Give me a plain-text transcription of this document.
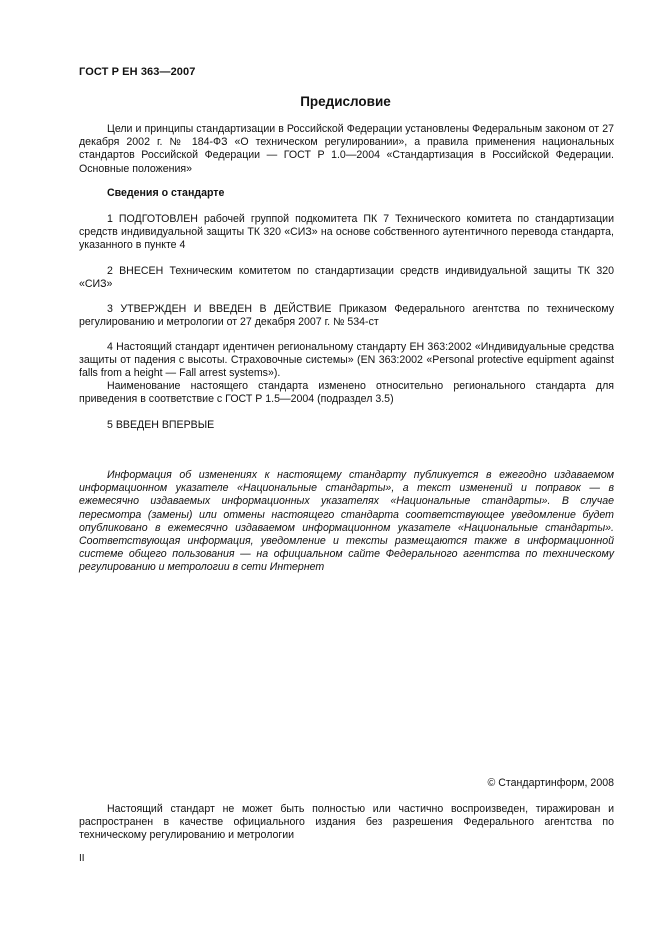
ГОСТ Р ЕН 363—2007
Предисловие

Цели и принципы стандартизации в Российской Федерации установлены Федеральным законом от 27 декабря 2002 г. № 184-ФЗ «О техническом регулировании», а правила применения национальных стандартов Российской Федерации — ГОСТ Р 1.0—2004 «Стандартизация в Российской Федерации. Основные положения»

Сведения о стандарте

1 ПОДГОТОВЛЕН рабочей группой подкомитета ПК 7 Технического комитета по стандартизации средств индивидуальной защиты ТК 320 «СИЗ» на основе собственного аутентичного перевода стандарта, указанного в пункте 4

2 ВНЕСЕН Техническим комитетом по стандартизации средств индивидуальной защиты ТК 320 «СИЗ»

3 УТВЕРЖДЕН И ВВЕДЕН В ДЕЙСТВИЕ Приказом Федерального агентства по техническому регулированию и метрологии от 27 декабря 2007 г. № 534-ст

4 Настоящий стандарт идентичен региональному стандарту ЕН 363:2002 «Индивидуальные средства защиты от падения с высоты. Страховочные системы» (EN 363:2002 «Personal protective equipment against falls from a height — Fall arrest systems»).

Наименование настоящего стандарта изменено относительно регионального стандарта для приведения в соответствие с ГОСТ Р 1.5—2004 (подраздел 3.5)

5 ВВЕДЕН ВПЕРВЫЕ

Информация об изменениях к настоящему стандарту публикуется в ежегодно издаваемом информационном указателе «Национальные стандарты», а текст изменений и поправок — в ежемесячно издаваемых информационных указателях «Национальные стандарты». В случае пересмотра (замены) или отмены настоящего стандарта соответствующее уведомление будет опубликовано в ежемесячно издаваемом информационном указателе «Национальные стандарты». Соответствующая информация, уведомление и тексты размещаются также в информационной системе общего пользования — на официальном сайте Федерального агентства по техническому регулированию и метрологии в сети Интернет

© Стандартинформ, 2008

Настоящий стандарт не может быть полностью или частично воспроизведен, тиражирован и распространен в качестве официального издания без разрешения Федерального агентства по техническому регулированию и метрологии

II
